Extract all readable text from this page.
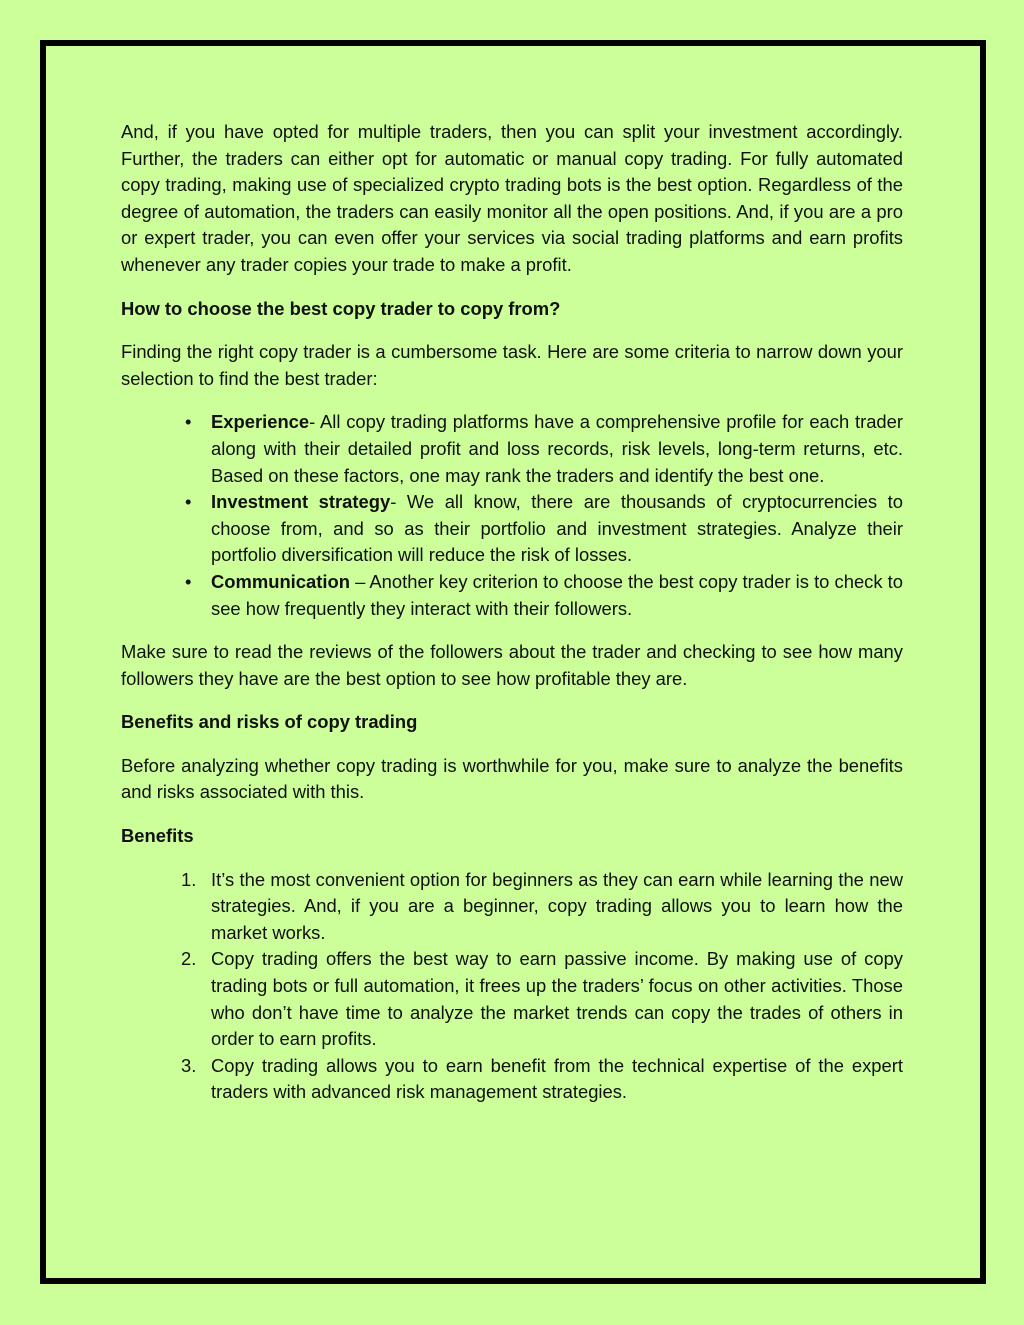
And, if you have opted for multiple traders, then you can split your investment accordingly. Further, the traders can either opt for automatic or manual copy trading. For fully automated copy trading, making use of specialized crypto trading bots is the best option. Regardless of the degree of automation, the traders can easily monitor all the open positions. And, if you are a pro or expert trader, you can even offer your services via social trading platforms and earn profits whenever any trader copies your trade to make a profit.

How to choose the best copy trader to copy from?

Finding the right copy trader is a cumbersome task. Here are some criteria to narrow down your selection to find the best trader:

• Experience- All copy trading platforms have a comprehensive profile for each trader along with their detailed profit and loss records, risk levels, long-term returns, etc. Based on these factors, one may rank the traders and identify the best one.
• Investment strategy- We all know, there are thousands of cryptocurrencies to choose from, and so as their portfolio and investment strategies. Analyze their portfolio diversification will reduce the risk of losses.
• Communication – Another key criterion to choose the best copy trader is to check to see how frequently they interact with their followers.

Make sure to read the reviews of the followers about the trader and checking to see how many followers they have are the best option to see how profitable they are.

Benefits and risks of copy trading

Before analyzing whether copy trading is worthwhile for you, make sure to analyze the benefits and risks associated with this.

Benefits

1. It’s the most convenient option for beginners as they can earn while learning the new strategies. And, if you are a beginner, copy trading allows you to learn how the market works.
2. Copy trading offers the best way to earn passive income. By making use of copy trading bots or full automation, it frees up the traders’ focus on other activities. Those who don’t have time to analyze the market trends can copy the trades of others in order to earn profits.
3. Copy trading allows you to earn benefit from the technical expertise of the expert traders with advanced risk management strategies.
